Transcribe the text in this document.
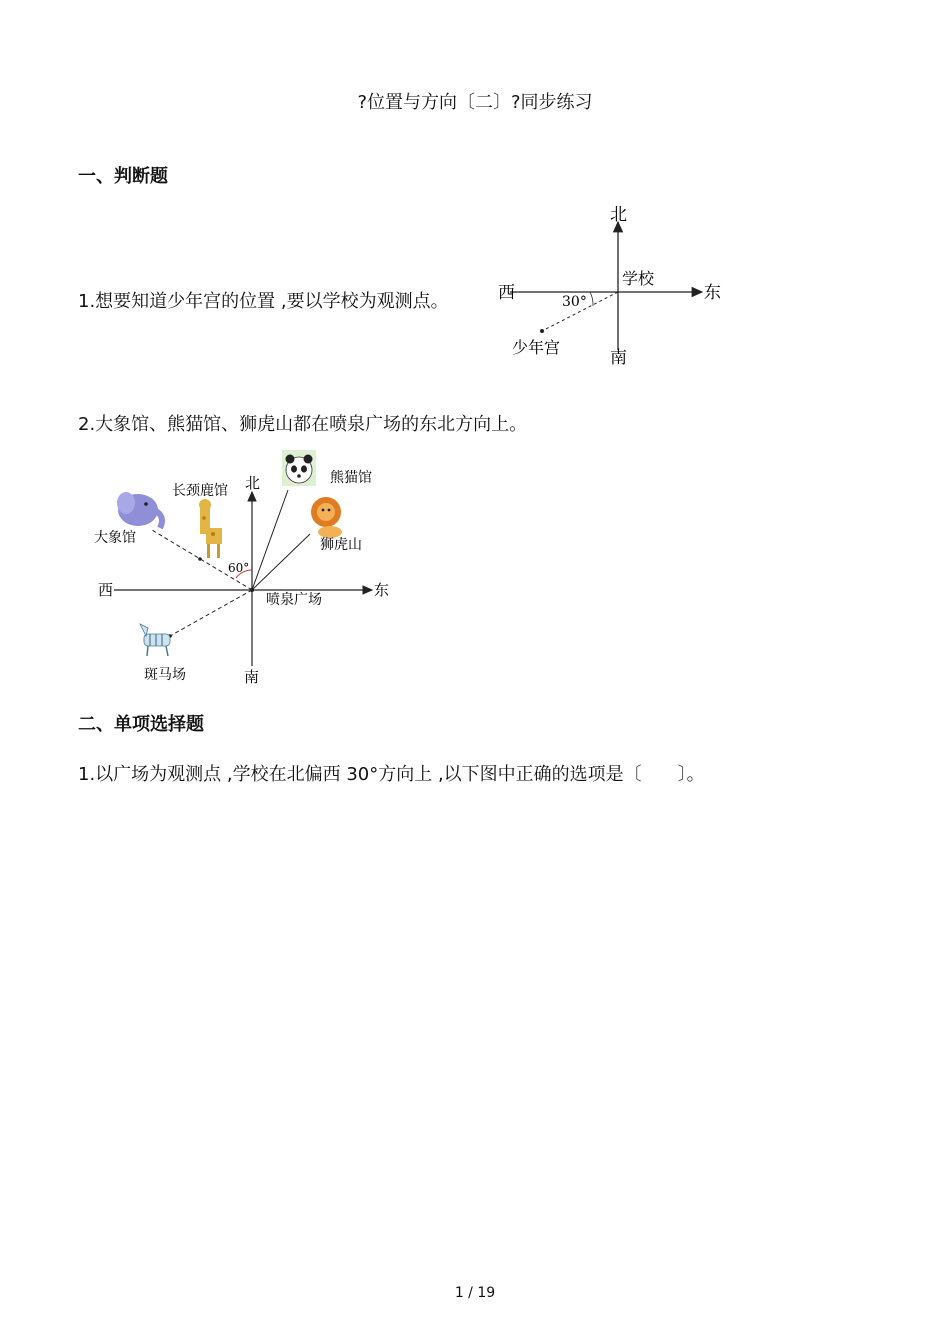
?位置与方向〔二〕?同步练习
一、判断题
1.想要知道少年宫的位置 ,要以学校为观测点。
北
南
东
西
学校
30°
少年宫
2.大象馆、熊猫馆、狮虎山都在喷泉广场的东北方向上。
北
南
东
西
喷泉广场
大象馆
长颈鹿馆
熊猫馆
狮虎山
斑马场
60°
二、单项选择题
1.以广场为观测点 ,学校在北偏西 30°方向上 ,以下图中正确的选项是〔　　〕。
1 / 19
